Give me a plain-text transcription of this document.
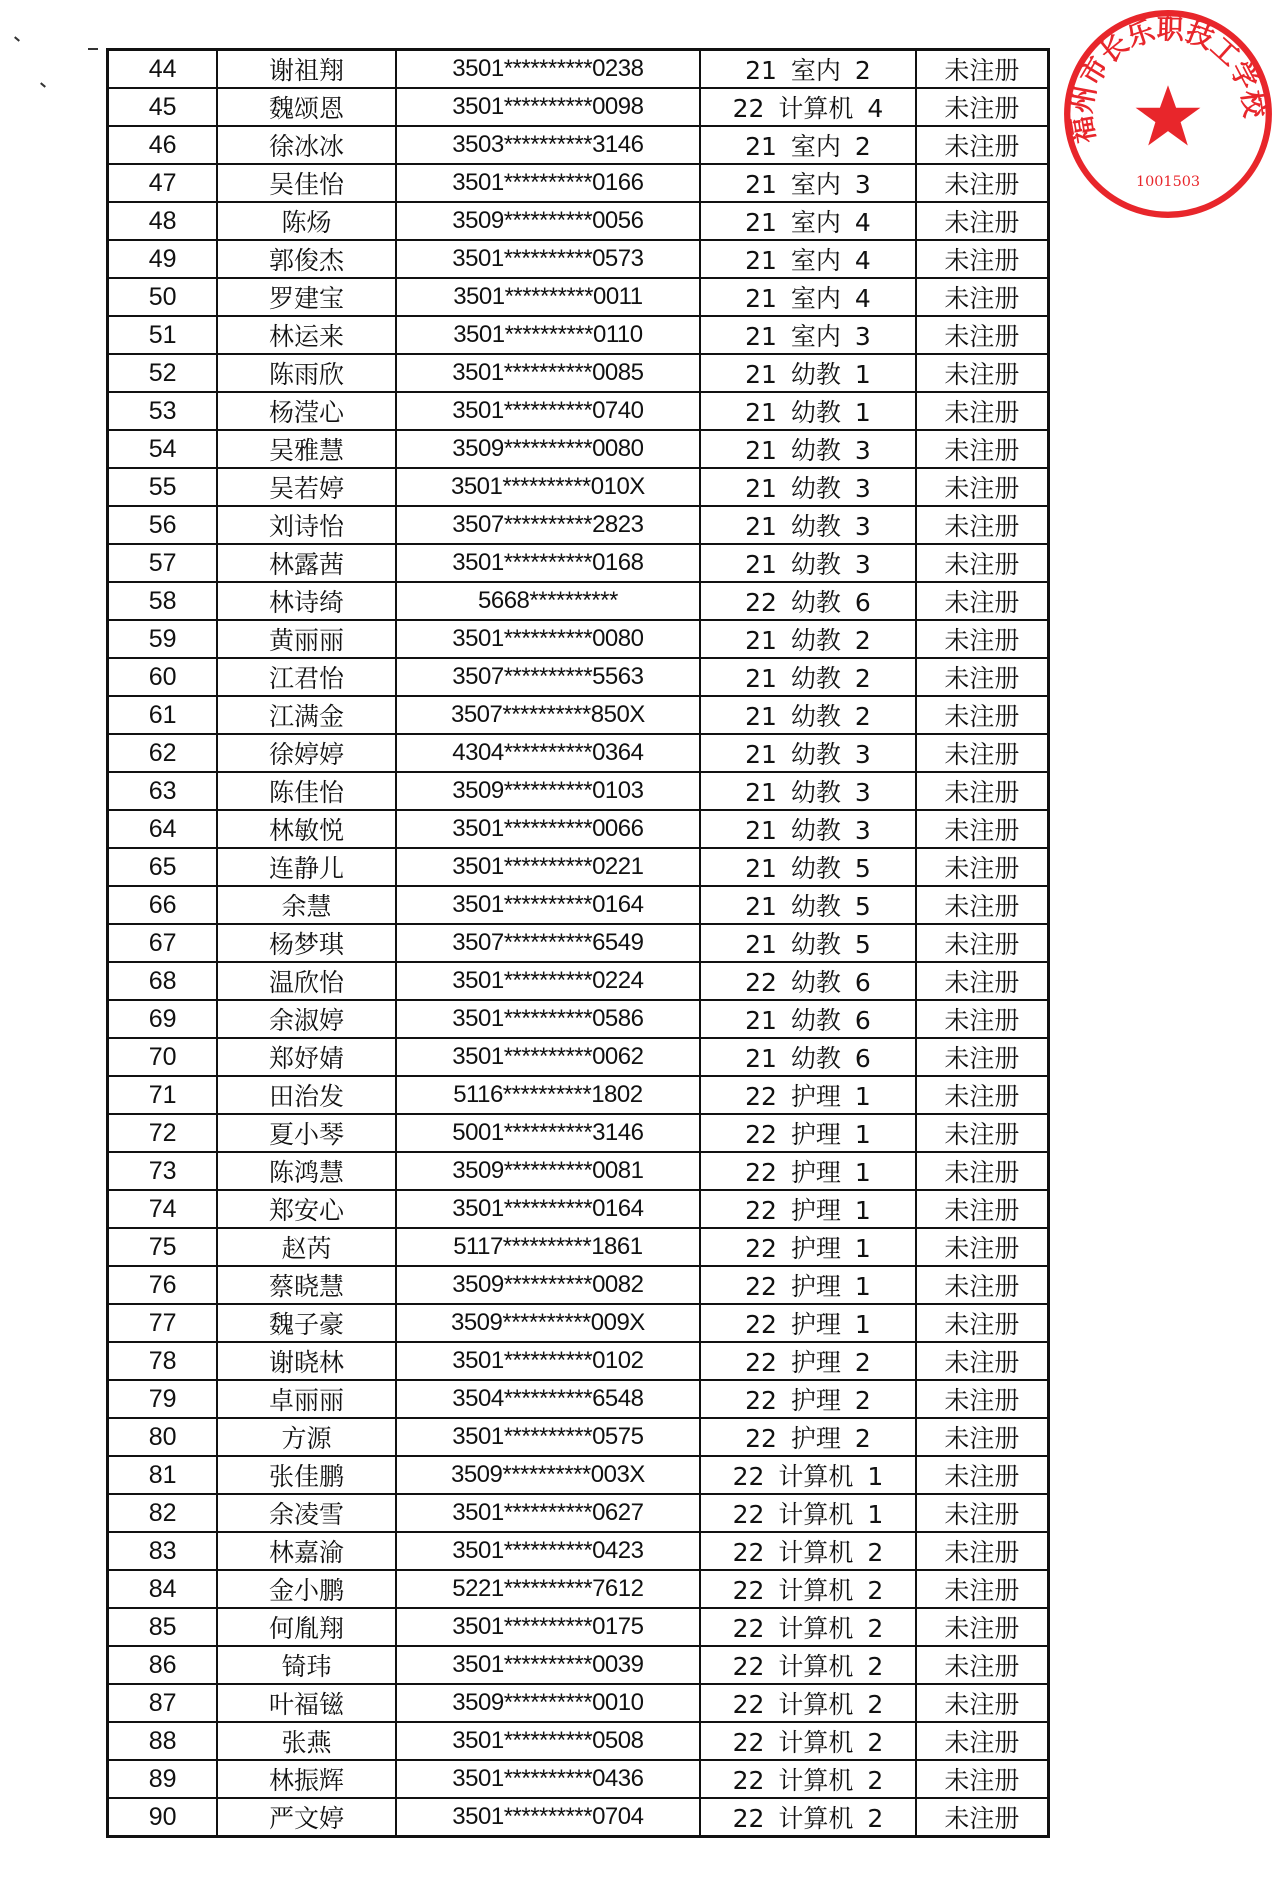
44	谢祖翔	3501**********0238	21 室内 2	未注册
45	魏颂恩	3501**********0098	22 计算机 4	未注册
46	徐冰冰	3503**********3146	21 室内 2	未注册
47	吴佳怡	3501**********0166	21 室内 3	未注册
48	陈炀	3509**********0056	21 室内 4	未注册
49	郭俊杰	3501**********0573	21 室内 4	未注册
50	罗建宝	3501**********0011	21 室内 4	未注册
51	林运来	3501**********0110	21 室内 3	未注册
52	陈雨欣	3501**********0085	21 幼教 1	未注册
53	杨滢心	3501**********0740	21 幼教 1	未注册
54	吴雅慧	3509**********0080	21 幼教 3	未注册
55	吴若婷	3501**********010X	21 幼教 3	未注册
56	刘诗怡	3507**********2823	21 幼教 3	未注册
57	林露茜	3501**********0168	21 幼教 3	未注册
58	林诗绮	5668**********	22 幼教 6	未注册
59	黄丽丽	3501**********0080	21 幼教 2	未注册
60	江君怡	3507**********5563	21 幼教 2	未注册
61	江满金	3507**********850X	21 幼教 2	未注册
62	徐婷婷	4304**********0364	21 幼教 3	未注册
63	陈佳怡	3509**********0103	21 幼教 3	未注册
64	林敏悦	3501**********0066	21 幼教 3	未注册
65	连静儿	3501**********0221	21 幼教 5	未注册
66	余慧	3501**********0164	21 幼教 5	未注册
67	杨梦琪	3507**********6549	21 幼教 5	未注册
68	温欣怡	3501**********0224	22 幼教 6	未注册
69	余淑婷	3501**********0586	21 幼教 6	未注册
70	郑妤婧	3501**********0062	21 幼教 6	未注册
71	田治发	5116**********1802	22 护理 1	未注册
72	夏小琴	5001**********3146	22 护理 1	未注册
73	陈鸿慧	3509**********0081	22 护理 1	未注册
74	郑安心	3501**********0164	22 护理 1	未注册
75	赵芮	5117**********1861	22 护理 1	未注册
76	蔡晓慧	3509**********0082	22 护理 1	未注册
77	魏子豪	3509**********009X	22 护理 1	未注册
78	谢晓林	3501**********0102	22 护理 2	未注册
79	卓丽丽	3504**********6548	22 护理 2	未注册
80	方源	3501**********0575	22 护理 2	未注册
81	张佳鹏	3509**********003X	22 计算机 1	未注册
82	余凌雪	3501**********0627	22 计算机 1	未注册
83	林嘉渝	3501**********0423	22 计算机 2	未注册
84	金小鹏	5221**********7612	22 计算机 2	未注册
85	何胤翔	3501**********0175	22 计算机 2	未注册
86	锜玮	3501**********0039	22 计算机 2	未注册
87	叶福镃	3509**********0010	22 计算机 2	未注册
88	张燕	3501**********0508	22 计算机 2	未注册
89	林振辉	3501**********0436	22 计算机 2	未注册
90	严文婷	3501**********0704	22 计算机 2	未注册
福州市长乐职技工学校
1001503
